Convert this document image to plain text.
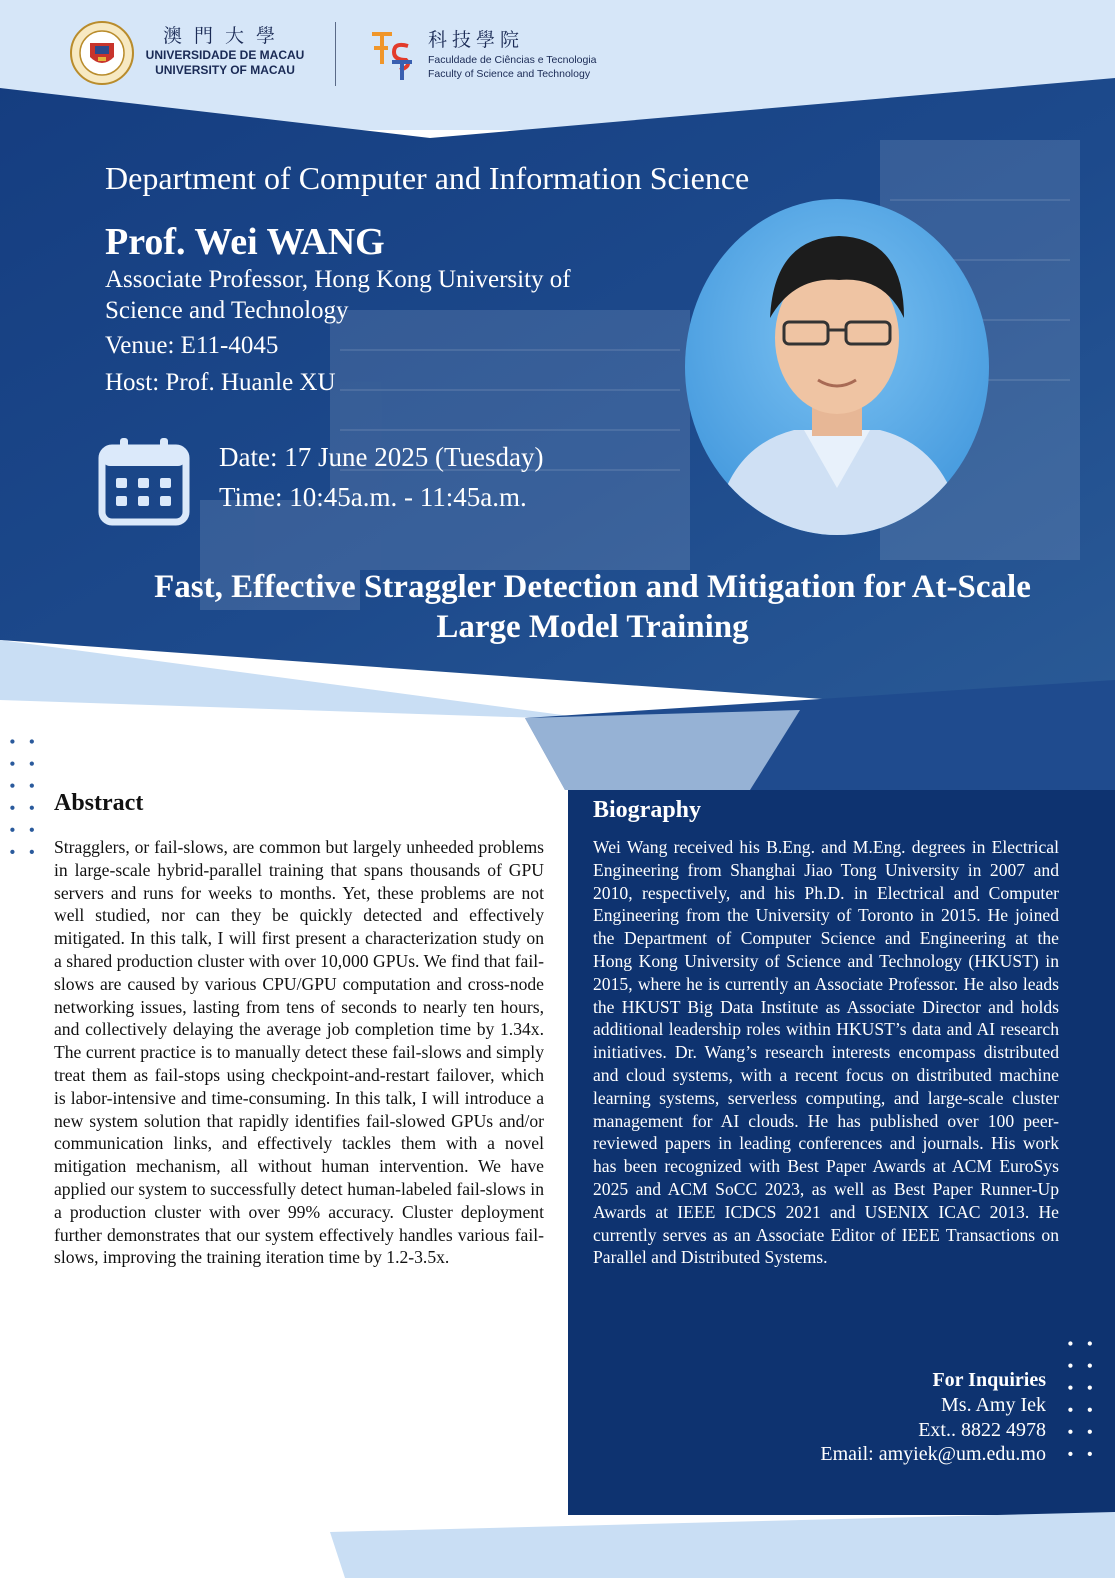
澳門大學
UNIVERSIDADE DE MACAU
UNIVERSITY OF MACAU
科技學院
Faculdade de Ciências e Tecnologia
Faculty of Science and Technology
Department of Computer and Information Science
Prof. Wei WANG
Associate Professor, Hong Kong University of Science and Technology
Venue: E11-4045
Host: Prof. Huanle XU
Date: 17 June 2025 (Tuesday)
Time: 10:45a.m. - 11:45a.m.
Fast, Effective Straggler Detection and Mitigation for At-Scale Large Model Training
Abstract
Stragglers, or fail-slows, are common but largely unheeded problems in large-scale hybrid-parallel training that spans thousands of GPU servers and runs for weeks to months. Yet, these problems are not well studied, nor can they be quickly detected and effectively mitigated. In this talk, I will first present a characterization study on a shared production cluster with over 10,000 GPUs. We find that fail-slows are caused by various CPU/GPU computation and cross-node networking issues, lasting from tens of seconds to nearly ten hours, and collectively delaying the average job completion time by 1.34x. The current practice is to manually detect these fail-slows and simply treat them as fail-stops using checkpoint-and-restart failover, which is labor-intensive and time-consuming. In this talk, I will introduce a new system solution that rapidly identifies fail-slowed GPUs and/or communication links, and effectively tackles them with a novel mitigation mechanism, all without human intervention. We have applied our system to successfully detect human-labeled fail-slows in a production cluster with over 99% accuracy. Cluster deployment further demonstrates that our system effectively handles various fail-slows, improving the training iteration time by 1.2-3.5x.
Biography
Wei Wang received his B.Eng. and M.Eng. degrees in Electrical Engineering from Shanghai Jiao Tong University in 2007 and 2010, respectively, and his Ph.D. in Electrical and Computer Engineering from the University of Toronto in 2015. He joined the Department of Computer Science and Engineering at the Hong Kong University of Science and Technology (HKUST) in 2015, where he is currently an Associate Professor. He also leads the HKUST Big Data Institute as Associate Director and holds additional leadership roles within HKUST’s data and AI research initiatives. Dr. Wang’s research interests encompass distributed and cloud systems, with a recent focus on distributed machine learning systems, serverless computing, and large-scale cluster management for AI clouds. He has published over 100 peer-reviewed papers in leading conferences and journals. His work has been recognized with Best Paper Awards at ACM EuroSys 2025 and ACM SoCC 2023, as well as Best Paper Runner-Up Awards at IEEE ICDCS 2021 and USENIX ICAC 2013. He currently serves as an Associate Editor of IEEE Transactions on Parallel and Distributed Systems.
For Inquiries
Ms. Amy Iek
Ext.. 8822 4978
Email: amyiek@um.edu.mo
